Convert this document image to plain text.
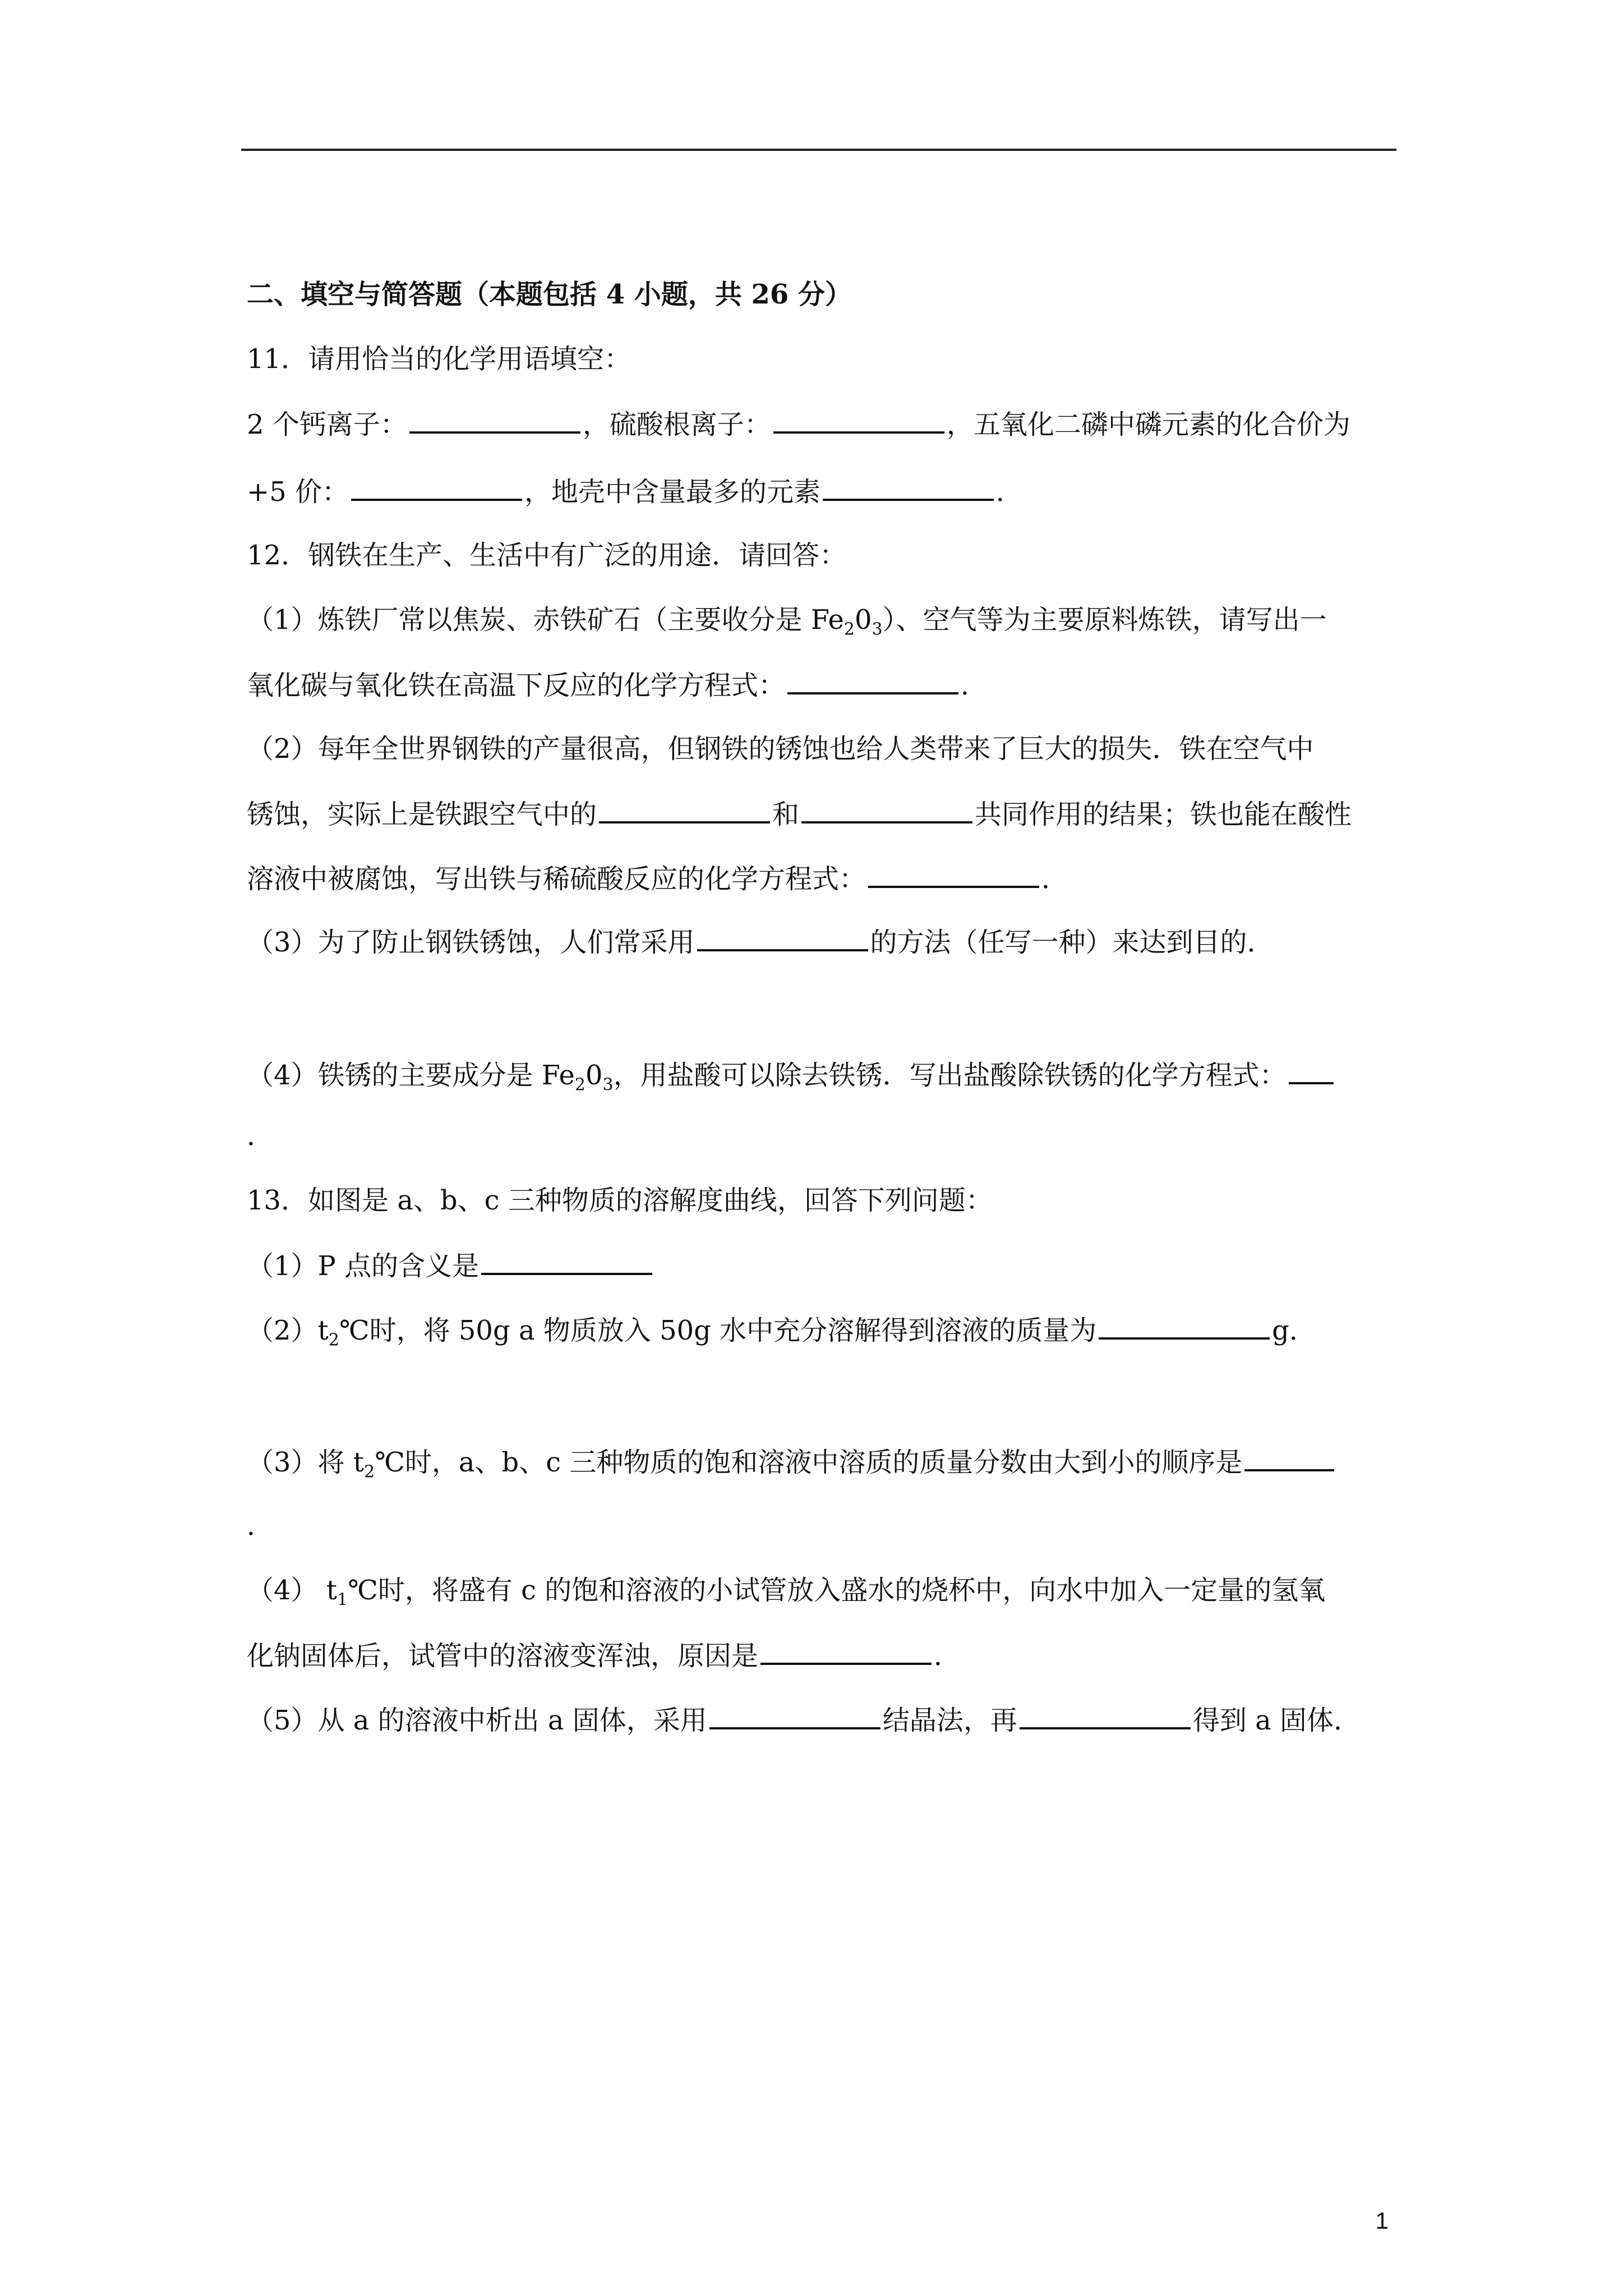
二、填空与简答题（本题包括 4 小题，共 26 分）
11．请用恰当的化学用语填空：
2 个钙离子：	，硫酸根离子：	，五氧化二磷中磷元素的化合价为
+5 价：	，地壳中含量最多的元素	．
12．钢铁在生产、生活中有广泛的用途．请回答：
（1）炼铁厂常以焦炭、赤铁矿石（主要收分是 $Fe_20_3$）、空气等为主要原料炼铁，请写出一
氧化碳与氧化铁在高温下反应的化学方程式：	．
（2）每年全世界钢铁的产量很高，但钢铁的锈蚀也给人类带来了巨大的损失．铁在空气中
锈蚀，实际上是铁跟空气中的	和	共同作用的结果；铁也能在酸性
溶液中被腐蚀，写出铁与稀硫酸反应的化学方程式：	．
（3）为了防止钢铁锈蚀，人们常采用	的方法（任写一种）来达到目的．
（4）铁锈的主要成分是 $Fe_20_3$，用盐酸可以除去铁锈．写出盐酸除铁锈的化学方程式：
．
13．如图是 a、b、c 三种物质的溶解度曲线，回答下列问题：
（1）P 点的含义是
$(2)t_2℃$时，将 50g a 物质放入 50g 水中充分溶解得到溶液的质量为	g．
（3）将 $t_2℃$时，a、b、c 三种物质的饱和溶液中溶质的质量分数由大到小的顺序是
．
（4） $t_1℃$时，将盛有 c 的饱和溶液的小试管放入盛水的烧杯中，向水中加入一定量的氢氧
化钠固体后，试管中的溶液变浑浊，原因是	．
（5）从 a 的溶液中析出 a 固体，采用	结晶法，再	得到 a 固体．
1
